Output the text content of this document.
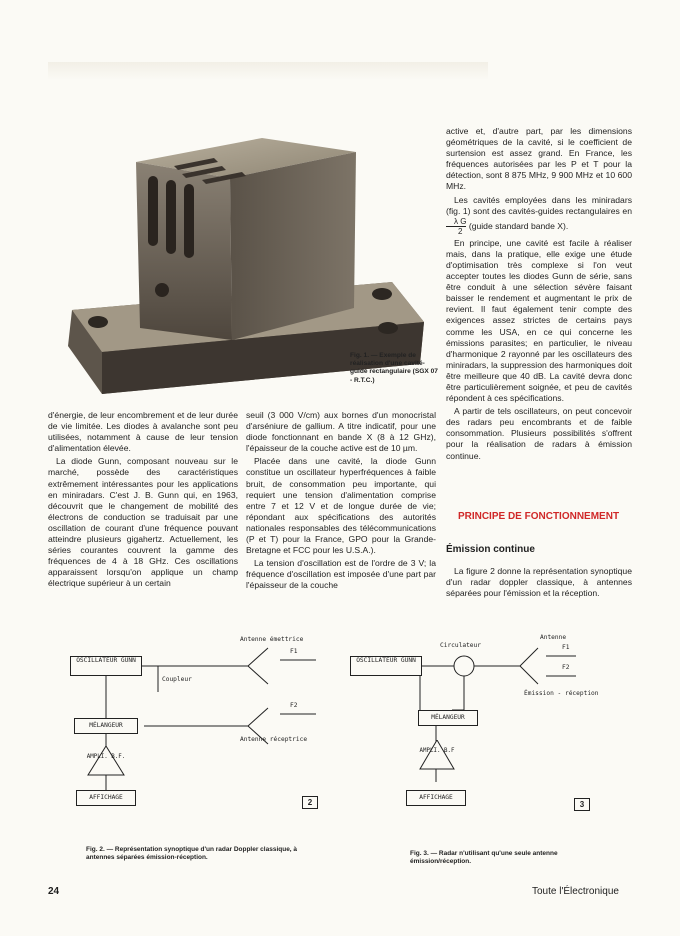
Fig. 1. — Exemple de réalisation d'une cavité-guide rectangulaire (SGX 07 - R.T.C.)

d'énergie, de leur encombrement et de leur durée de vie limitée. Les diodes à avalanche sont peu utilisées, notamment à cause de leur tension d'alimentation élevée.

La diode Gunn, composant nouveau sur le marché, possède des caractéristiques extrêmement intéressantes pour les applications en miniradars. C'est J. B. Gunn qui, en 1963, découvrit que le changement de mobilité des électrons de conduction se traduisait par une oscillation de courant d'une fréquence pouvant atteindre plusieurs gigahertz. Actuellement, les séries courantes couvrent la gamme des fréquences de 4 à 18 GHz. Ces oscillations apparaissent lorsqu'on applique un champ électrique supérieur à un certain

seuil (3 000 V/cm) aux bornes d'un monocristal d'arséniure de gallium. A titre indicatif, pour une diode fonctionnant en bande X (8 à 12 GHz), l'épaisseur de la couche active est de 10 µm.

Placée dans une cavité, la diode Gunn constitue un oscillateur hyperfréquences à faible bruit, de consommation peu importante, qui requiert une tension d'alimentation comprise entre 7 et 12 V et de longue durée de vie; répondant aux spécifications des autorités nationales responsables des télécommunications (P et T) pour la France, GPO pour la Grande-Bretagne et FCC pour les U.S.A.).

La tension d'oscillation est de l'ordre de 3 V; la fréquence d'oscillation est imposée d'une part par l'épaisseur de la couche

active et, d'autre part, par les dimensions géométriques de la cavité, si le coefficient de surtension est assez grand. En France, les fréquences autorisées par les P et T pour la détection, sont 8 875 MHz, 9 900 MHz et 10 600 MHz.

Les cavités employées dans les miniradars (fig. 1) sont des cavités-guides rectangulaires en
$\frac{\text{λ G}}{2}$ (guide standard bande X).

En principe, une cavité est facile à réaliser mais, dans la pratique, elle exige une étude d'optimisation très complexe si l'on veut accepter toutes les diodes Gunn de série, sans être conduit à une sélection sévère faisant baisser le rendement et augmentant le prix de revient. Il faut également tenir compte des exigences assez strictes de certains pays comme les USA, en ce qui concerne les émissions parasites; en particulier, le niveau d'harmonique 2 rayonné par les oscillateurs des miniradars, la suppression des harmoniques doit être meilleure que 40 dB. La cavité devra donc être particulièrement soignée, et peu de cavités répondent à ces spécifications.

A partir de tels oscillateurs, on peut concevoir des radars peu encombrants et de faible consommation. Plusieurs possibilités s'offrent pour la réalisation de radars à émission continue.

PRINCIPE DE FONCTIONNEMENT
Émission continue

La figure 2 donne la représentation synoptique d'un radar doppler classique, à antennes séparées pour l'émission et la réception.

OSCILLATEUR GUNN
MÉLANGEUR
AMPLI. B.F.
AFFICHAGE
Antenne émettrice
Antenne réceptrice
Coupleur
F1
F2
2
Fig. 2. — Représentation synoptique d'un radar Doppler classique, à antennes séparées émission-réception.
OSCILLATEUR GUNN
Circulateur
MÉLANGEUR
AMPLI. B.F
AFFICHAGE
Antenne
Émission - réception
F1
F2
3
Fig. 3. — Radar n'utilisant qu'une seule antenne émission/réception.
24	Toute l'Électronique
